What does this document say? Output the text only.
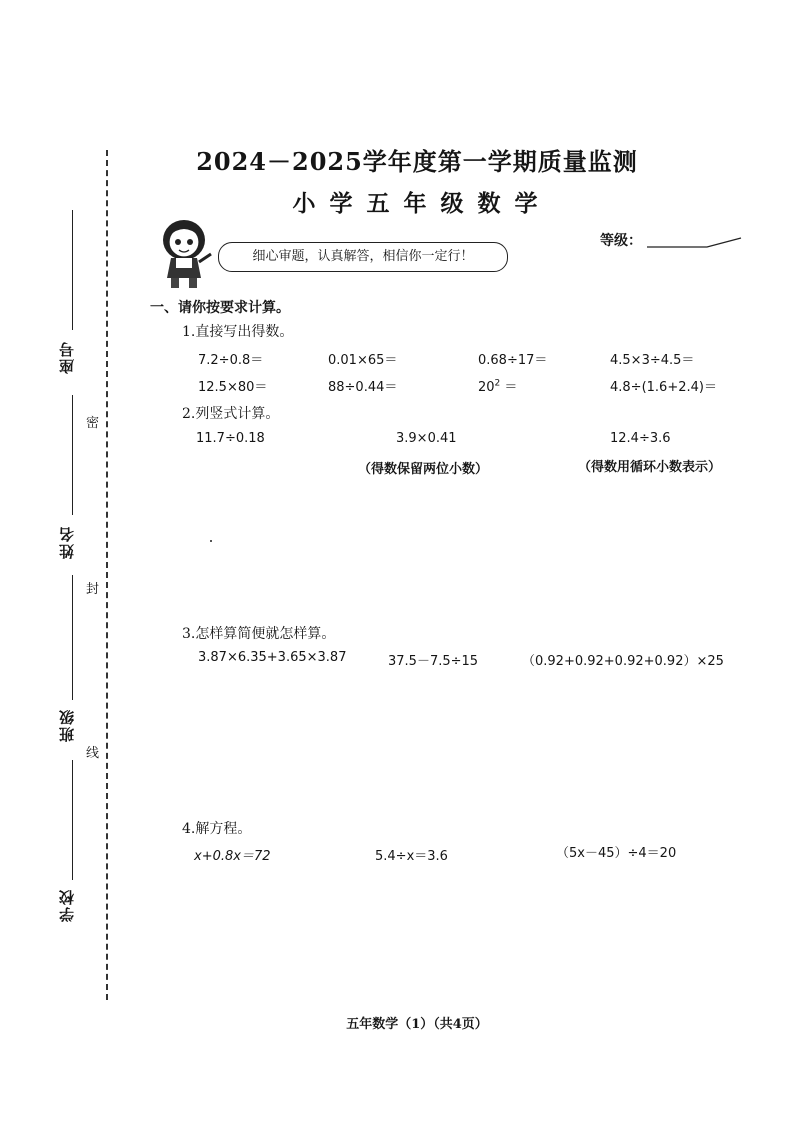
座号
姓名
班级
学校
密
封
线
2024－2025学年度第一学期质量监测
小学五年级数学
等级：
细心审题，认真解答，相信你一定行！
一、请你按要求计算。
1.直接写出得数。
7.2÷0.8＝	0.01×65＝	0.68÷17＝	4.5×3÷4.5＝
12.5×80＝	88÷0.44＝	$20^2$ ＝	4.8÷(1.6+2.4)＝
2.列竖式计算。
11.7÷0.18	3.9×0.41	12.4÷3.6
（得数保留两位小数）	（得数用循环小数表示）
3.怎样算简便就怎样算。
3.87×6.35+3.65×3.87	37.5－7.5÷15	（0.92+0.92+0.92+0.92）×25
4.解方程。
x+0.8x＝72	5.4÷x＝3.6	（5x－45）÷4＝20
五年数学（1）（共4页）
